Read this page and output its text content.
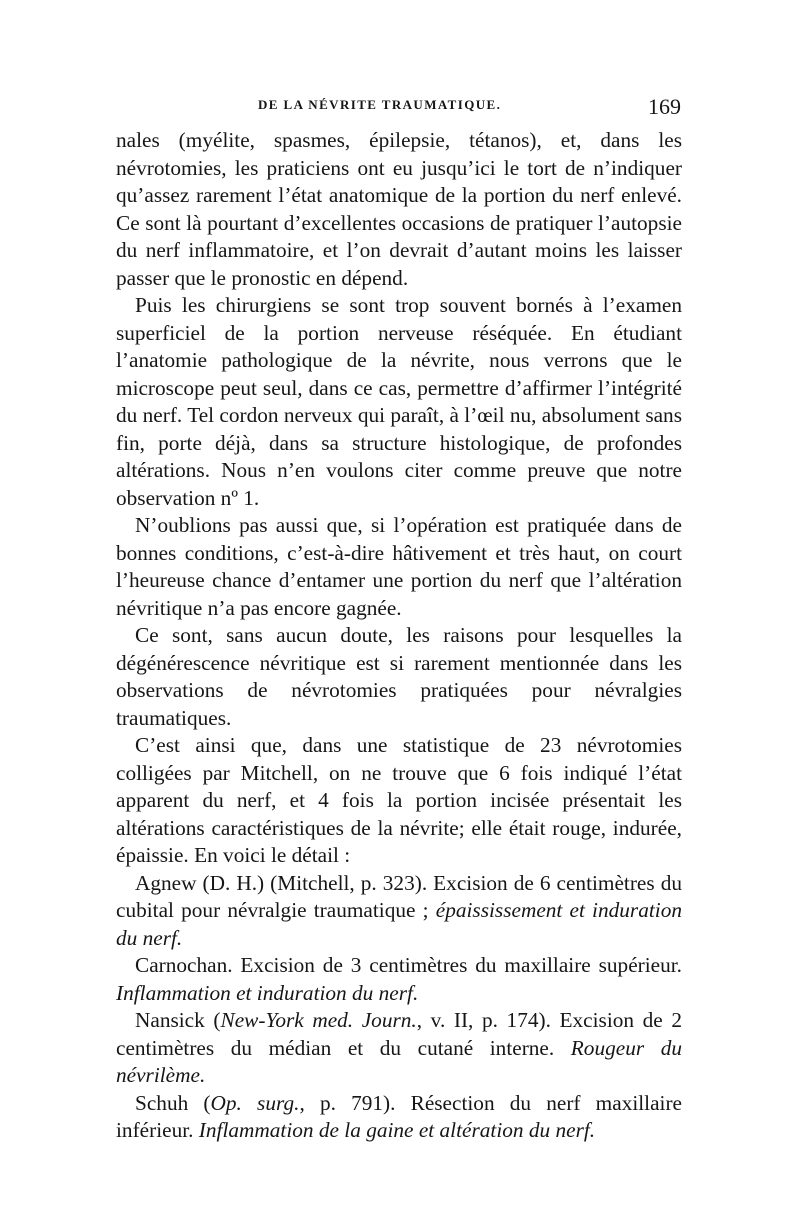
DE LA NÉVRITE TRAUMATIQUE.	169

nales (myélite, spasmes, épilepsie, tétanos), et, dans les névrotomies, les praticiens ont eu jusqu’ici le tort de n’indiquer qu’assez rarement l’état anatomique de la portion du nerf enlevé. Ce sont là pourtant d’excellentes occasions de pratiquer l’autopsie du nerf inflammatoire, et l’on devrait d’autant moins les laisser passer que le pronostic en dépend.

Puis les chirurgiens se sont trop souvent bornés à l’examen superficiel de la portion nerveuse réséquée. En étudiant l’anatomie pathologique de la névrite, nous verrons que le microscope peut seul, dans ce cas, permettre d’affirmer l’intégrité du nerf. Tel cordon nerveux qui paraît, à l’œil nu, absolument sans fin, porte déjà, dans sa structure histologique, de profondes altérations. Nous n’en voulons citer comme preuve que notre observation nº 1.

N’oublions pas aussi que, si l’opération est pratiquée dans de bonnes conditions, c’est-à-dire hâtivement et très haut, on court l’heureuse chance d’entamer une portion du nerf que l’altération névritique n’a pas encore gagnée.

Ce sont, sans aucun doute, les raisons pour lesquelles la dégénérescence névritique est si rarement mentionnée dans les observations de névrotomies pratiquées pour névralgies traumatiques.

C’est ainsi que, dans une statistique de 23 névrotomies colligées par Mitchell, on ne trouve que 6 fois indiqué l’état apparent du nerf, et 4 fois la portion incisée présentait les altérations caractéristiques de la névrite; elle était rouge, indurée, épaissie. En voici le détail :

Agnew (D. H.) (Mitchell, p. 323). Excision de 6 centimètres du cubital pour névralgie traumatique ; épaississement et induration du nerf.

Carnochan. Excision de 3 centimètres du maxillaire supérieur. Inflammation et induration du nerf.

Nansick (New-York med. Journ., v. II, p. 174). Excision de 2 centimètres du médian et du cutané interne. Rougeur du névrilème.

Schuh (Op. surg., p. 791). Résection du nerf maxillaire inférieur. Inflammation de la gaine et altération du nerf.
